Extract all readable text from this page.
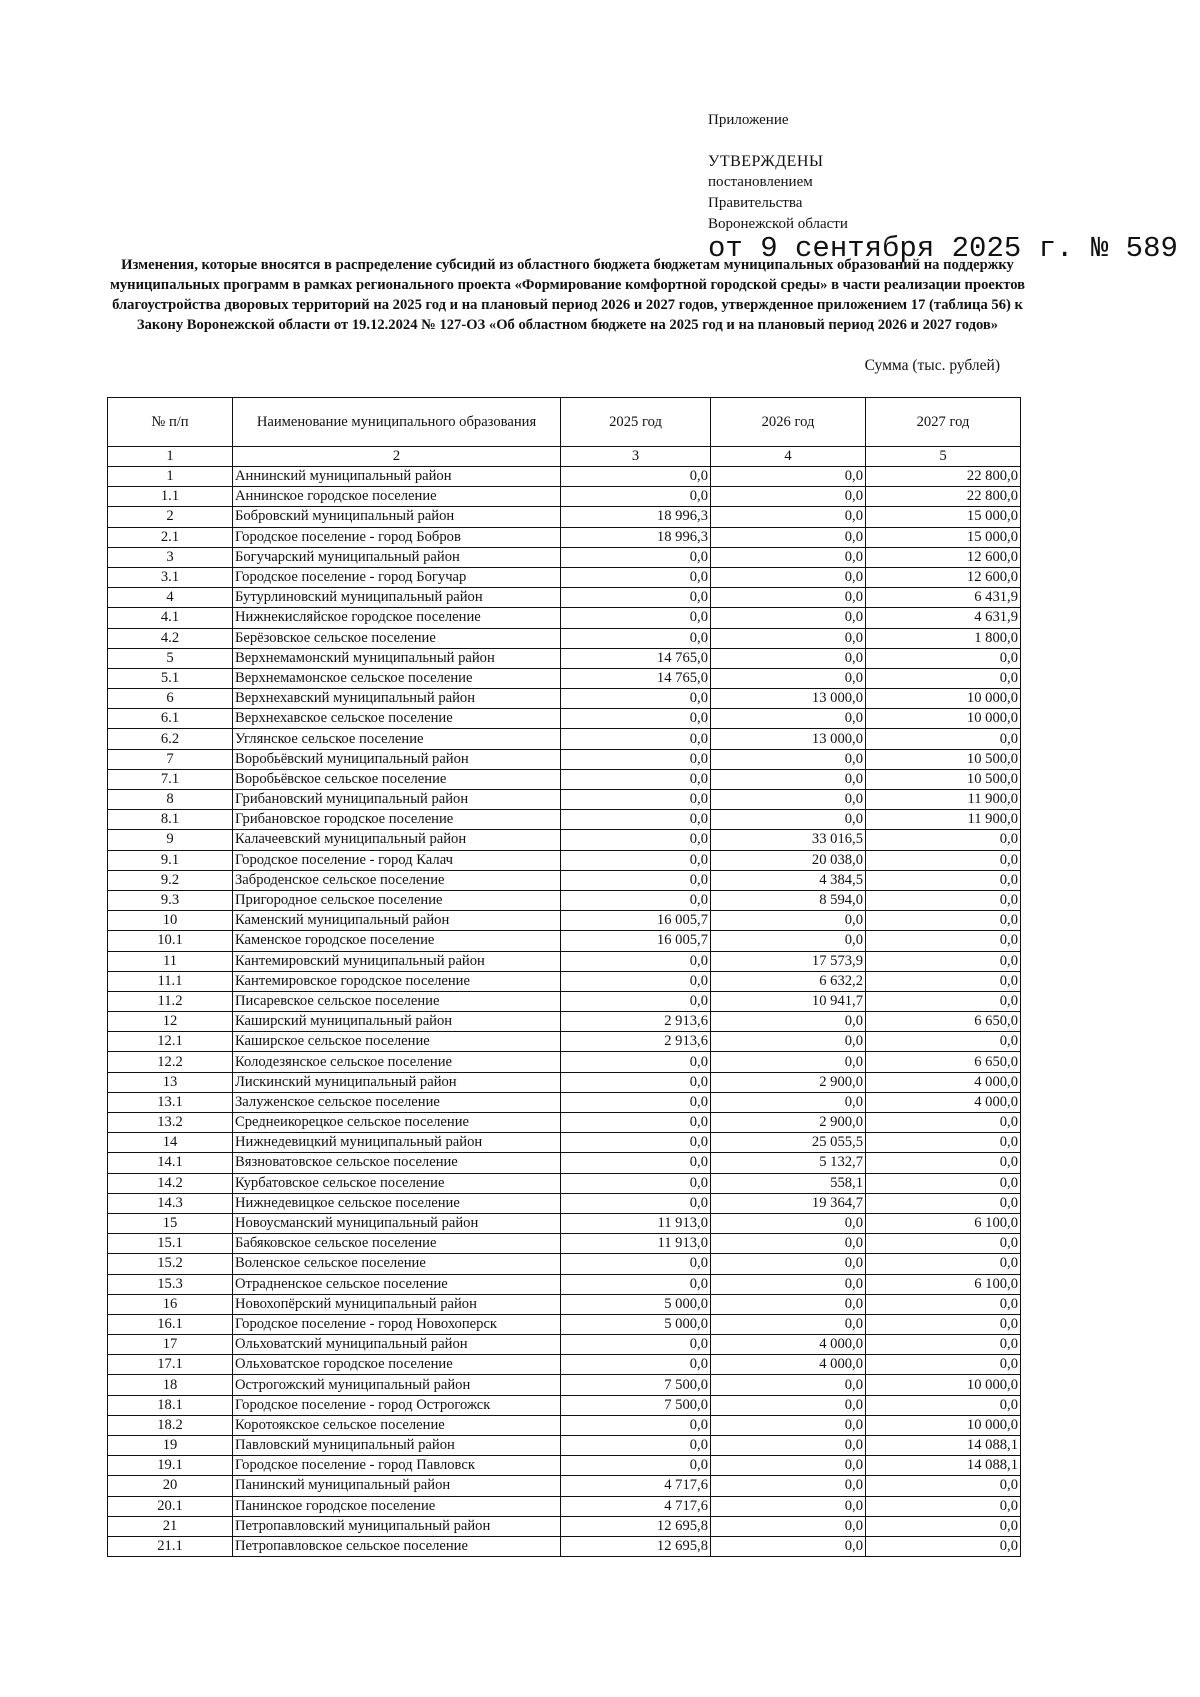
Приложение
УТВЕРЖДЕНЫ
постановлением
Правительства
Воронежской области
от 9 сентября 2025 г. № 589
Изменения, которые вносятся в распределение субсидий из областного бюджета бюджетам муниципальных образований на поддержку муниципальных программ в рамках регионального проекта «Формирование комфортной городской среды» в части реализации проектов благоустройства дворовых территорий на 2025 год и на плановый период 2026 и 2027 годов, утвержденное приложением 17 (таблица 56) к Закону Воронежской области от 19.12.2024 № 127-ОЗ «Об областном бюджете на 2025 год и на плановый период 2026 и 2027 годов»
Сумма (тыс. рублей)
№ п/п	Наименование муниципального образования	2025 год	2026 год	2027 год
1	2	3	4	5
1	Аннинский муниципальный район	0,0	0,0	22 800,0
1.1	Аннинское городское поселение	0,0	0,0	22 800,0
2	Бобровский муниципальный район	18 996,3	0,0	15 000,0
2.1	Городское поселение - город Бобров	18 996,3	0,0	15 000,0
3	Богучарский муниципальный район	0,0	0,0	12 600,0
3.1	Городское поселение - город Богучар	0,0	0,0	12 600,0
4	Бутурлиновский муниципальный район	0,0	0,0	6 431,9
4.1	Нижнекисляйское городское поселение	0,0	0,0	4 631,9
4.2	Берёзовское сельское поселение	0,0	0,0	1 800,0
5	Верхнемамонский муниципальный район	14 765,0	0,0	0,0
5.1	Верхнемамонское сельское поселение	14 765,0	0,0	0,0
6	Верхнехавский муниципальный район	0,0	13 000,0	10 000,0
6.1	Верхнехавское сельское поселение	0,0	0,0	10 000,0
6.2	Углянское сельское поселение	0,0	13 000,0	0,0
7	Воробьёвский муниципальный район	0,0	0,0	10 500,0
7.1	Воробьёвское сельское поселение	0,0	0,0	10 500,0
8	Грибановский муниципальный район	0,0	0,0	11 900,0
8.1	Грибановское городское поселение	0,0	0,0	11 900,0
9	Калачеевский муниципальный район	0,0	33 016,5	0,0
9.1	Городское поселение - город Калач	0,0	20 038,0	0,0
9.2	Заброденское сельское поселение	0,0	4 384,5	0,0
9.3	Пригородное сельское поселение	0,0	8 594,0	0,0
10	Каменский муниципальный район	16 005,7	0,0	0,0
10.1	Каменское городское поселение	16 005,7	0,0	0,0
11	Кантемировский муниципальный район	0,0	17 573,9	0,0
11.1	Кантемировское городское поселение	0,0	6 632,2	0,0
11.2	Писаревское сельское поселение	0,0	10 941,7	0,0
12	Каширский муниципальный район	2 913,6	0,0	6 650,0
12.1	Каширское сельское поселение	2 913,6	0,0	0,0
12.2	Колодезянское сельское поселение	0,0	0,0	6 650,0
13	Лискинский муниципальный район	0,0	2 900,0	4 000,0
13.1	Залуженское сельское поселение	0,0	0,0	4 000,0
13.2	Среднеикорецкое сельское поселение	0,0	2 900,0	0,0
14	Нижнедевицкий муниципальный район	0,0	25 055,5	0,0
14.1	Вязноватовское сельское поселение	0,0	5 132,7	0,0
14.2	Курбатовское сельское поселение	0,0	558,1	0,0
14.3	Нижнедевицкое сельское поселение	0,0	19 364,7	0,0
15	Новоусманский муниципальный район	11 913,0	0,0	6 100,0
15.1	Бабяковское сельское поселение	11 913,0	0,0	0,0
15.2	Воленское сельское поселение	0,0	0,0	0,0
15.3	Отрадненское сельское поселение	0,0	0,0	6 100,0
16	Новохопёрский муниципальный район	5 000,0	0,0	0,0
16.1	Городское поселение - город Новохоперск	5 000,0	0,0	0,0
17	Ольховатский муниципальный район	0,0	4 000,0	0,0
17.1	Ольховатское городское поселение	0,0	4 000,0	0,0
18	Острогожский муниципальный район	7 500,0	0,0	10 000,0
18.1	Городское поселение - город Острогожск	7 500,0	0,0	0,0
18.2	Коротоякское сельское поселение	0,0	0,0	10 000,0
19	Павловский муниципальный район	0,0	0,0	14 088,1
19.1	Городское поселение - город Павловск	0,0	0,0	14 088,1
20	Панинский муниципальный район	4 717,6	0,0	0,0
20.1	Панинское городское поселение	4 717,6	0,0	0,0
21	Петропавловский муниципальный район	12 695,8	0,0	0,0
21.1	Петропавловское сельское поселение	12 695,8	0,0	0,0
